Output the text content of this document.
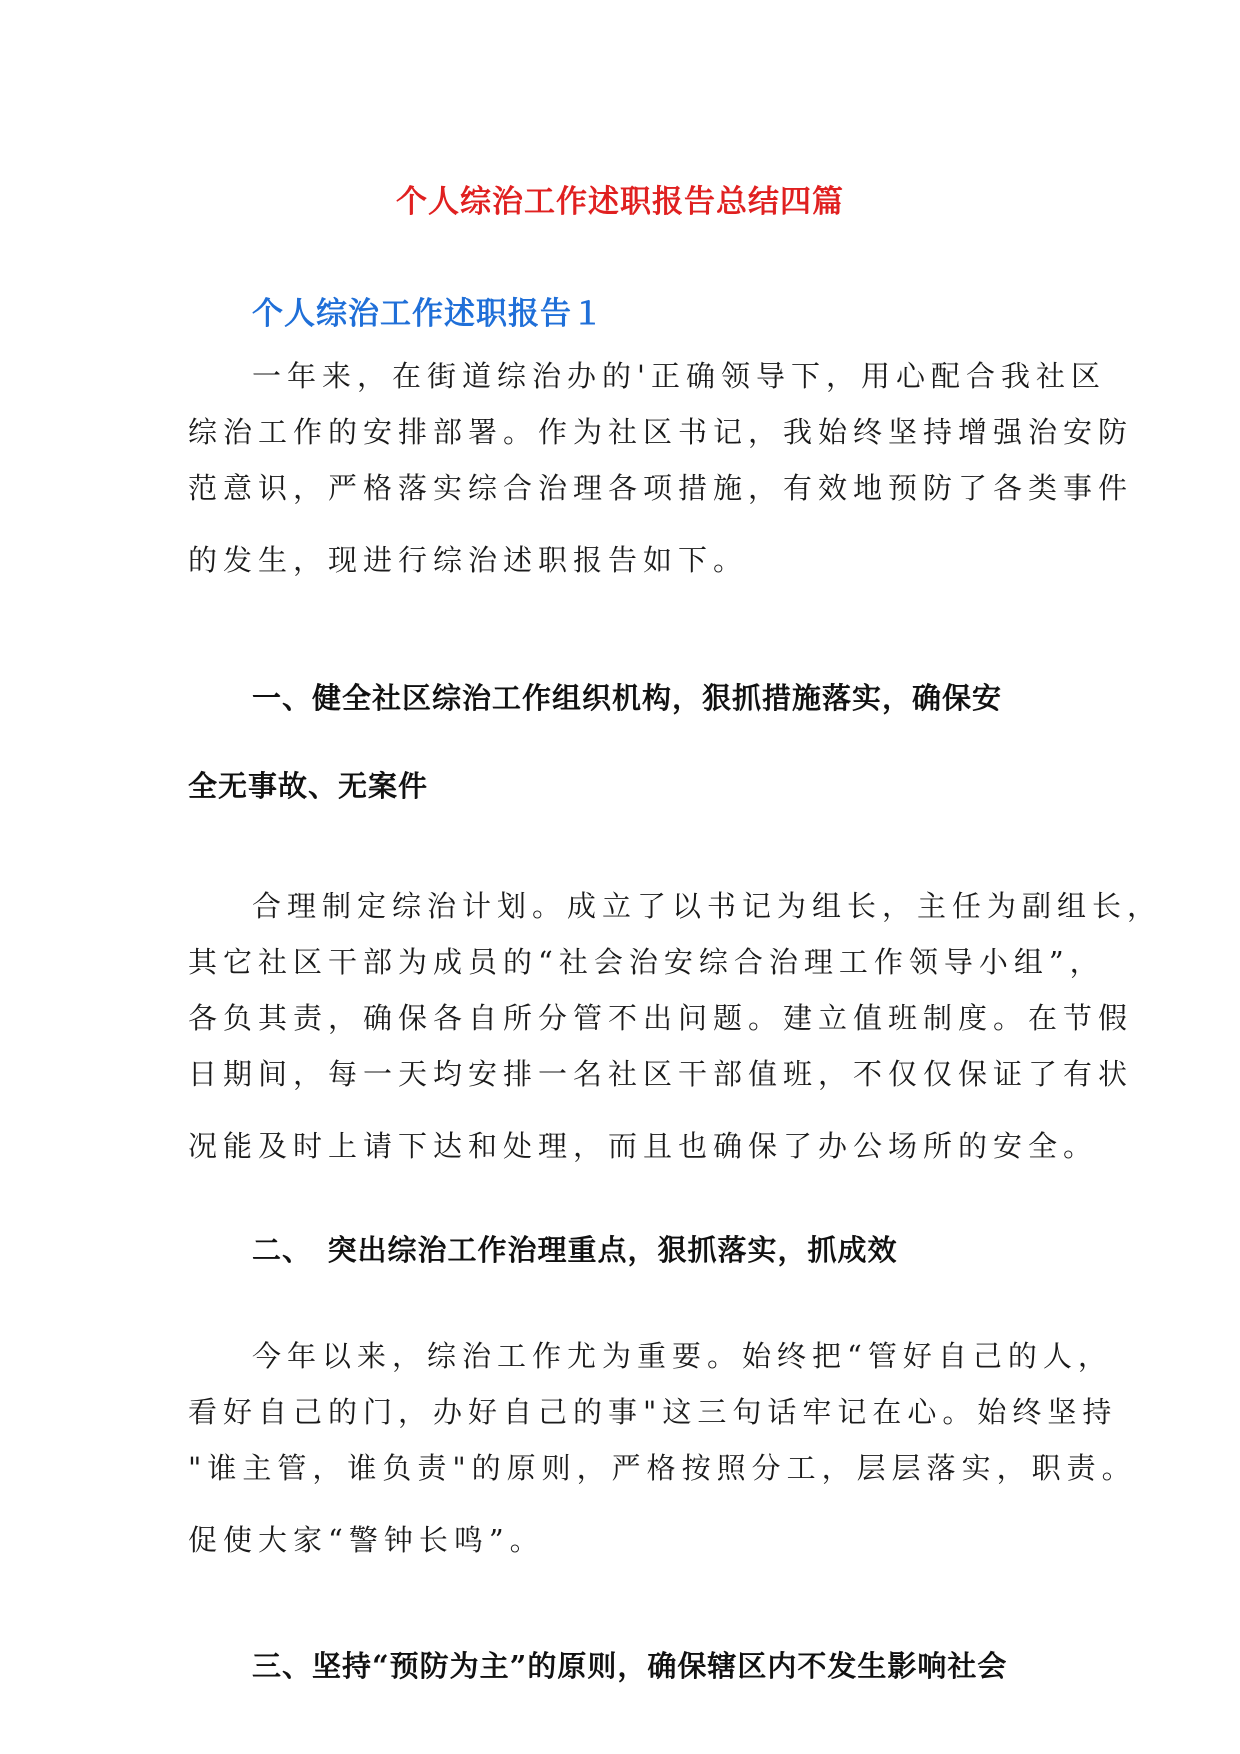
个人综治工作述职报告总结四篇
个人综治工作述职报告１
一年来，在街道综治办的'正确领导下，用心配合我社区
综治工作的安排部署。作为社区书记，我始终坚持增强治安防
范意识，严格落实综合治理各项措施，有效地预防了各类事件
的发生，现进行综治述职报告如下。
一、健全社区综治工作组织机构，狠抓措施落实，确保安
全无事故、无案件
合理制定综治计划。成立了以书记为组长，主任为副组长，
其它社区干部为成员的“社会治安综合治理工作领导小组”，
各负其责，确保各自所分管不出问题。建立值班制度。在节假
日期间，每一天均安排一名社区干部值班，不仅仅保证了有状
况能及时上请下达和处理，而且也确保了办公场所的安全。
二、　突出综治工作治理重点，狠抓落实，抓成效
今年以来，综治工作尤为重要。始终把“管好自己的人，
看好自己的门，办好自己的事"这三句话牢记在心。始终坚持
"谁主管，谁负责"的原则，严格按照分工，层层落实，职责。
促使大家“警钟长鸣”。
三、坚持“预防为主”的原则，确保辖区内不发生影响社会
